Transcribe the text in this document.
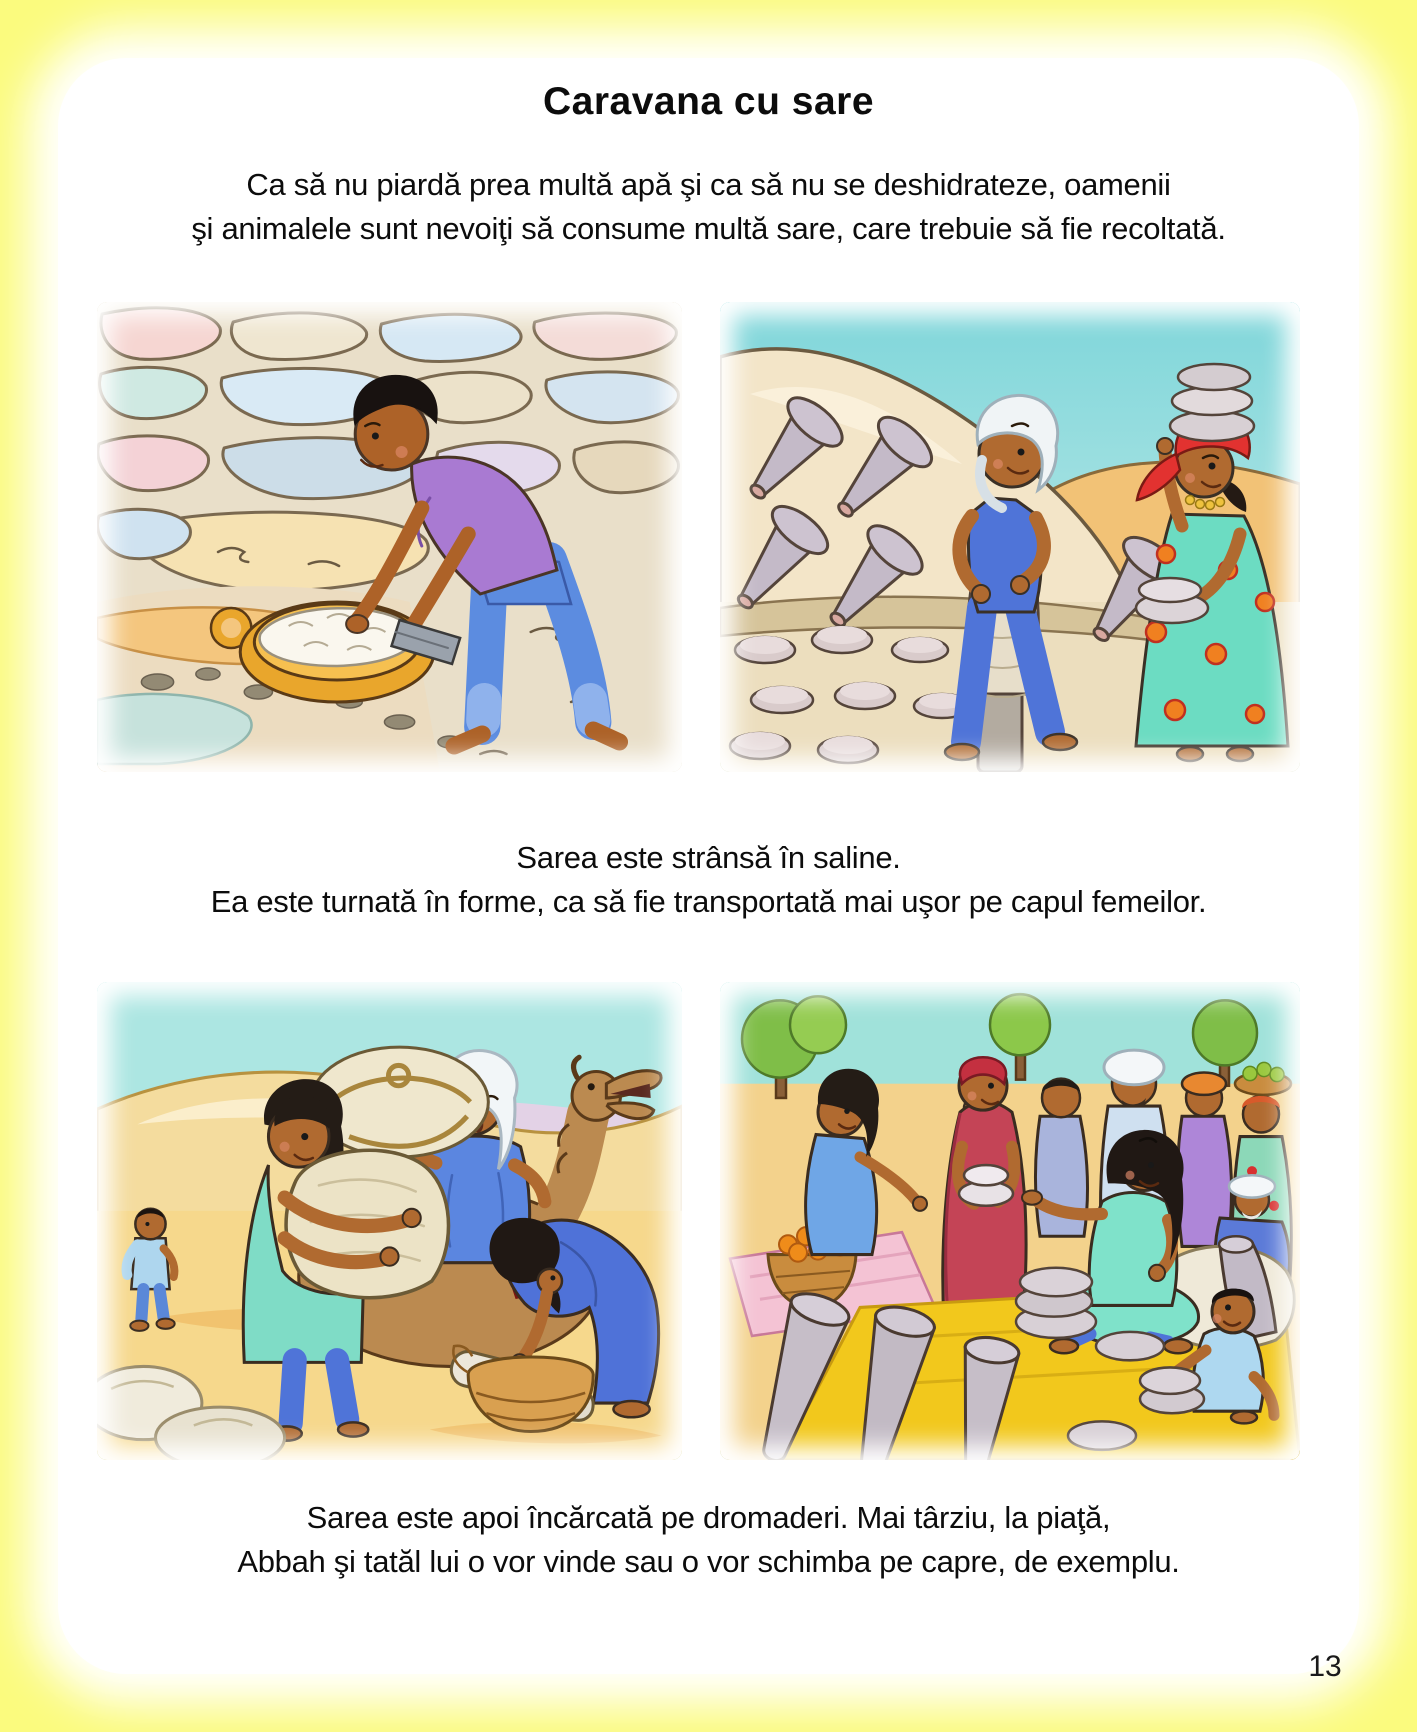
Caravana cu sare
Ca să nu piardă prea multă apă şi ca să nu se deshidrateze, oamenii
şi animalele sunt nevoiţi să consume multă sare, care trebuie să fie recoltată.
Sarea este strânsă în saline.
Ea este turnată în forme, ca să fie transportată mai uşor pe capul femeilor.
Sarea este apoi încărcată pe dromaderi. Mai târziu, la piaţă,
Abbah şi tatăl lui o vor vinde sau o vor schimba pe capre, de exemplu.
13
